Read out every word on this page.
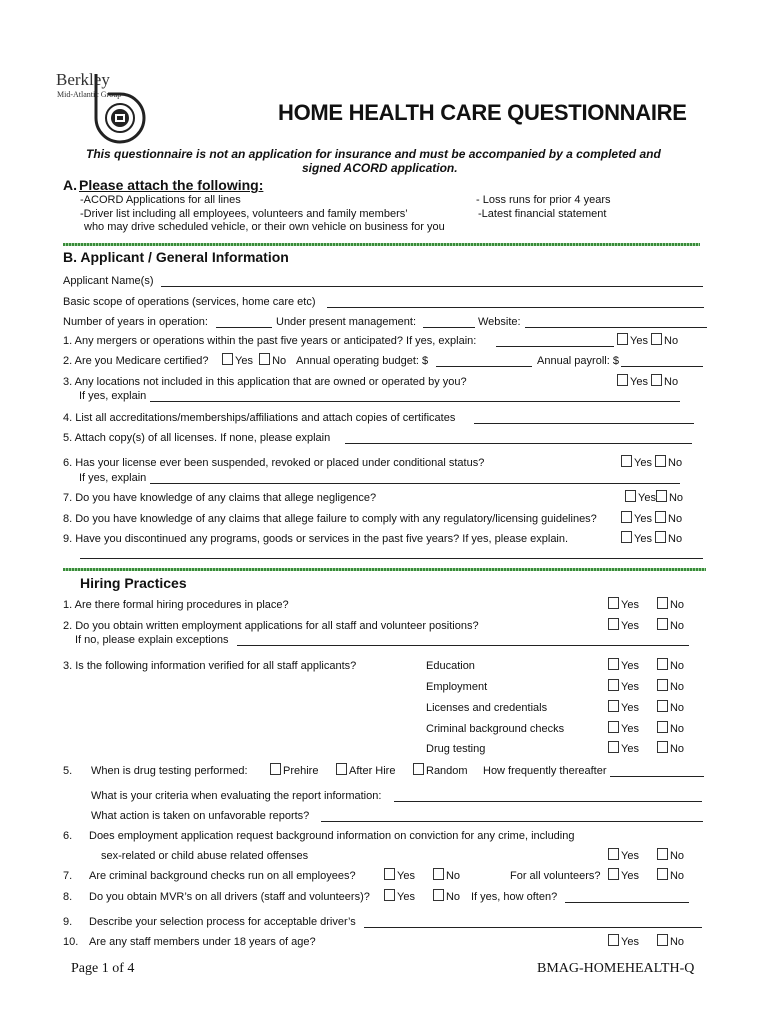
Berkley
Mid-Atlantic Group
HOME HEALTH CARE QUESTIONNAIRE
This questionnaire is not an application for insurance and must be accompanied by a completed and
signed ACORD application.
A. Please attach the following:
-ACORD Applications for all lines
-Driver list including all employees, volunteers and family members’
who may drive scheduled vehicle, or their own vehicle on business for you
- Loss runs for prior 4 years
-Latest financial statement
B. Applicant / General Information
Applicant Name(s)
Basic scope of operations (services, home care etc)
Number of years in operation:	Under present management:	Website:
1. Any mergers or operations within the past five years or anticipated? If yes, explain:	Yes No
2. Are you Medicare certified?	Yes No Annual operating budget: $	Annual payroll: $
3. Any locations not included in this application that are owned or operated by you?	Yes No
If yes, explain
4. List all accreditations/memberships/affiliations and attach copies of certificates
5. Attach copy(s) of all licenses. If none, please explain
6. Has your license ever been suspended, revoked or placed under conditional status?	Yes No
If yes, explain
7. Do you have knowledge of any claims that allege negligence?	Yes No
8. Do you have knowledge of any claims that allege failure to comply with any regulatory/licensing guidelines?	Yes No
9. Have you discontinued any programs, goods or services in the past five years? If yes, please explain.	Yes No
Hiring Practices
1. Are there formal hiring procedures in place?	Yes	No
2. Do you obtain written employment applications for all staff and volunteer positions?	Yes	No
If no, please explain exceptions
3. Is the following information verified for all staff applicants?	Education	Yes	No
Employment	Yes	No
Licenses and credentials	Yes	No
Criminal background checks	Yes	No
Drug testing	Yes	No
5. When is drug testing performed:	Prehire	After Hire	Random How frequently thereafter
What is your criteria when evaluating the report information:
What action is taken on unfavorable reports?
6. Does employment application request background information on conviction for any crime, including
sex-related or child abuse related offenses	Yes	No
7. Are criminal background checks run on all employees?	Yes	No	For all volunteers?	Yes	No
8. Do you obtain MVR’s on all drivers (staff and volunteers)?	Yes	No If yes, how often?
9. Describe your selection process for acceptable driver’s
10. Are any staff members under 18 years of age?	Yes	No
Page 1 of 4	BMAG-HOMEHEALTH-Q
